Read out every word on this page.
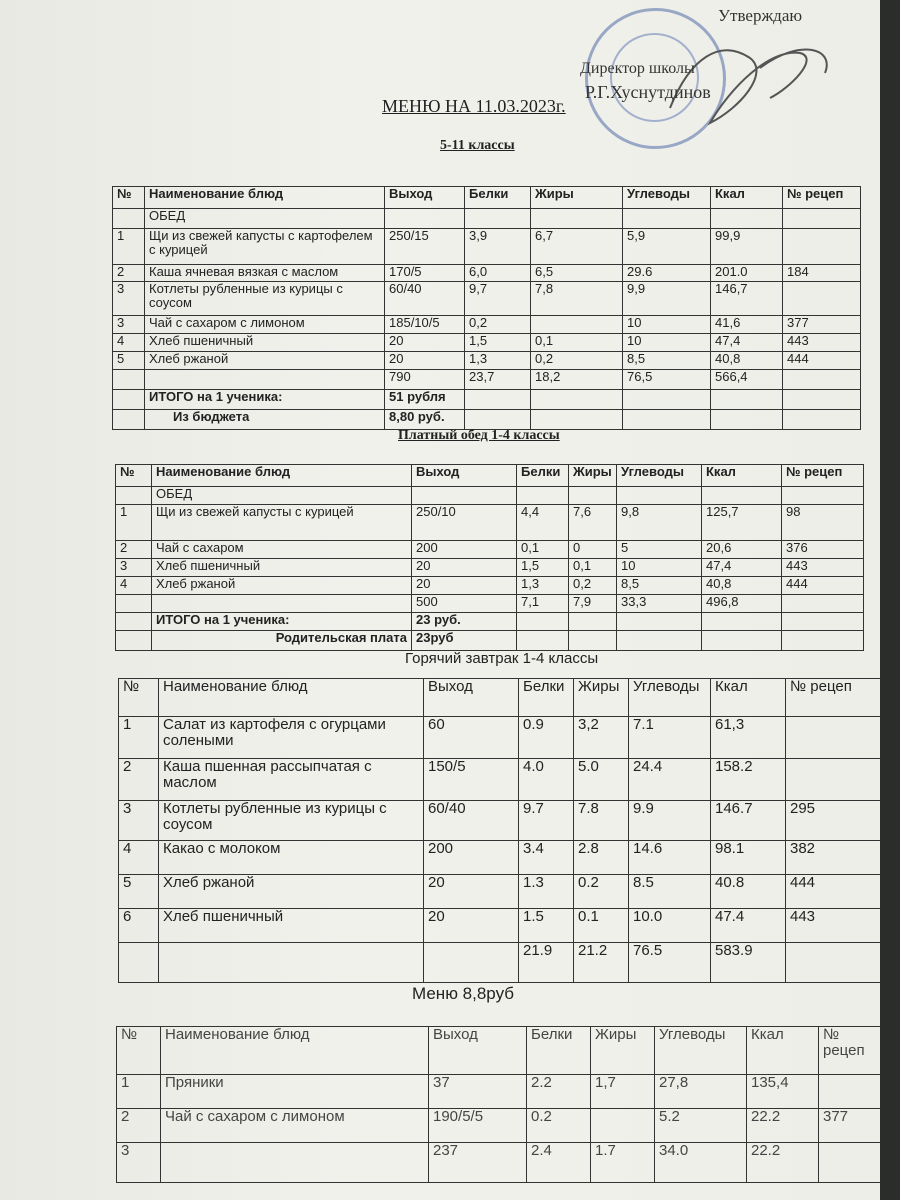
Утверждаю
Директор школы
Р.Г.Хуснутдинов
МЕНЮ НА 11.03.2023г.
5-11 классы
№	Наименование блюд	Выход	Белки	Жиры	Углеводы	Ккал	№ рецеп
	ОБЕД						
1	Щи из свежей капусты с картофелем с курицей	250/15	3,9	6,7	5,9	99,9	
2	Каша ячневая вязкая с маслом	170/5	6,0	6,5	29.6	201.0	184
3	Котлеты рубленные из курицы с соусом	60/40	9,7	7,8	9,9	146,7	
3	Чай с сахаром с лимоном	185/10/5	0,2		10	41,6	377
4	Хлеб пшеничный	20	1,5	0,1	10	47,4	443
5	Хлеб ржаной	20	1,3	0,2	8,5	40,8	444
		790	23,7	18,2	76,5	566,4	
	ИТОГО на 1 ученика:	51 рубля					
	Из бюджета	8,80 руб.					
Платный обед 1-4 классы
№	Наименование блюд	Выход	Белки	Жиры	Углеводы	Ккал	№ рецеп
	ОБЕД						
1	Щи из свежей капусты с курицей	250/10	4,4	7,6	9,8	125,7	98
2	Чай с сахаром	200	0,1	0	5	20,6	376
3	Хлеб пшеничный	20	1,5	0,1	10	47,4	443
4	Хлеб ржаной	20	1,3	0,2	8,5	40,8	444
		500	7,1	7,9	33,3	496,8	
	ИТОГО на 1 ученика:	23 руб.					
	Родительская плата	23руб					
Горячий завтрак 1-4 классы
№	Наименование блюд	Выход	Белки	Жиры	Углеводы	Ккал	№ рецеп
1	Салат из картофеля с огурцами солеными	60	0.9	3,2	7.1	61,3	
2	Каша пшенная рассыпчатая с маслом	150/5	4.0	5.0	24.4	158.2	
3	Котлеты рубленные из курицы с соусом	60/40	9.7	7.8	9.9	146.7	295
4	Какао с молоком	200	3.4	2.8	14.6	98.1	382
5	Хлеб ржаной	20	1.3	0.2	8.5	40.8	444
6	Хлеб пшеничный	20	1.5	0.1	10.0	47.4	443
			21.9	21.2	76.5	583.9	
Меню 8,8руб
№	Наименование блюд	Выход	Белки	Жиры	Углеводы	Ккал	№ рецеп
1	Пряники	37	2.2	1,7	27,8	135,4	
2	Чай с сахаром с лимоном	190/5/5	0.2		5.2	22.2	377
3		237	2.4	1.7	34.0	22.2	
